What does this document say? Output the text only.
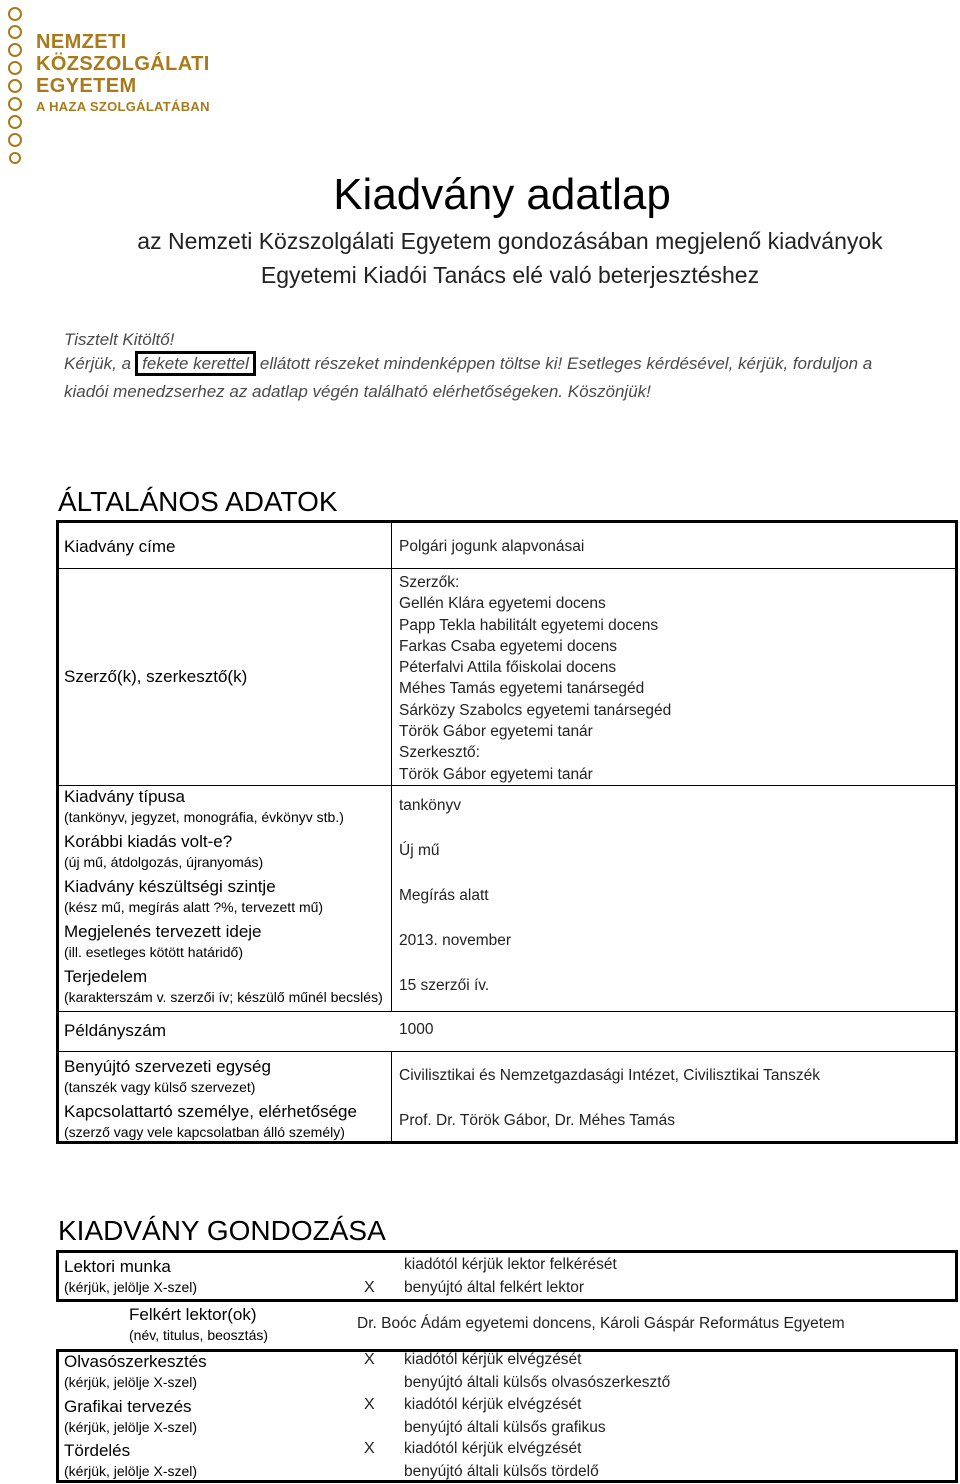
NEMZETI
KÖZSZOLGÁLATI
EGYETEM
A HAZA SZOLGÁLATÁBAN
Kiadvány adatlap
az Nemzeti Közszolgálati Egyetem gondozásában megjelenő kiadványok
Egyetemi Kiadói Tanács elé való beterjesztéshez
Tisztelt Kitöltő!
Kérjük, a fekete kerettel ellátott részeket mindenképpen töltse ki! Esetleges kérdésével, kérjük, forduljon a
kiadói menedzserhez az adatlap végén található elérhetőségeken. Köszönjük!
ÁLTALÁNOS ADATOK
Kiadvány címe	Polgári jogunk alapvonásai
Szerző(k), szerkesztő(k)
Szerzők:
Gellén Klára egyetemi docens
Papp Tekla habilitált egyetemi docens
Farkas Csaba egyetemi docens
Péterfalvi Attila főiskolai docens
Méhes Tamás egyetemi tanársegéd
Sárközy Szabolcs egyetemi tanársegéd
Török Gábor egyetemi tanár
Szerkesztő:
Török Gábor egyetemi tanár
Kiadvány típusa
(tankönyv, jegyzet, monográfia, évkönyv stb.)
tankönyv
Korábbi kiadás volt-e?
(új mű, átdolgozás, újranyomás)
Új mű
Kiadvány készültségi szintje
(kész mű, megírás alatt ?%, tervezett mű)
Megírás alatt
Megjelenés tervezett ideje
(ill. esetleges kötött határidő)
2013. november
Terjedelem
(karakterszám v. szerzői ív; készülő műnél becslés)
15 szerzői ív.
Példányszám	1000
Benyújtó szervezeti egység
(tanszék vagy külső szervezet)
Civilisztikai és Nemzetgazdasági Intézet, Civilisztikai Tanszék
Kapcsolattartó személye, elérhetősége
(szerző vagy vele kapcsolatban álló személy)
Prof. Dr. Török Gábor, Dr. Méhes Tamás
KIADVÁNY GONDOZÁSA
Lektori munka
(kérjük, jelölje X-szel)
kiadótól kérjük lektor felkérését
X benyújtó által felkért lektor
Felkért lektor(ok)
(név, titulus, beosztás)
Dr. Boóc Ádám egyetemi doncens, Károli Gáspár Református Egyetem
Olvasószerkesztés
(kérjük, jelölje X-szel)
X kiadótól kérjük elvégzését
benyújtó általi külsős olvasószerkesztő
Grafikai tervezés
(kérjük, jelölje X-szel)
X kiadótól kérjük elvégzését
benyújtó általi külsős grafikus
Tördelés
(kérjük, jelölje X-szel)
X kiadótól kérjük elvégzését
benyújtó általi külsős tördelő
